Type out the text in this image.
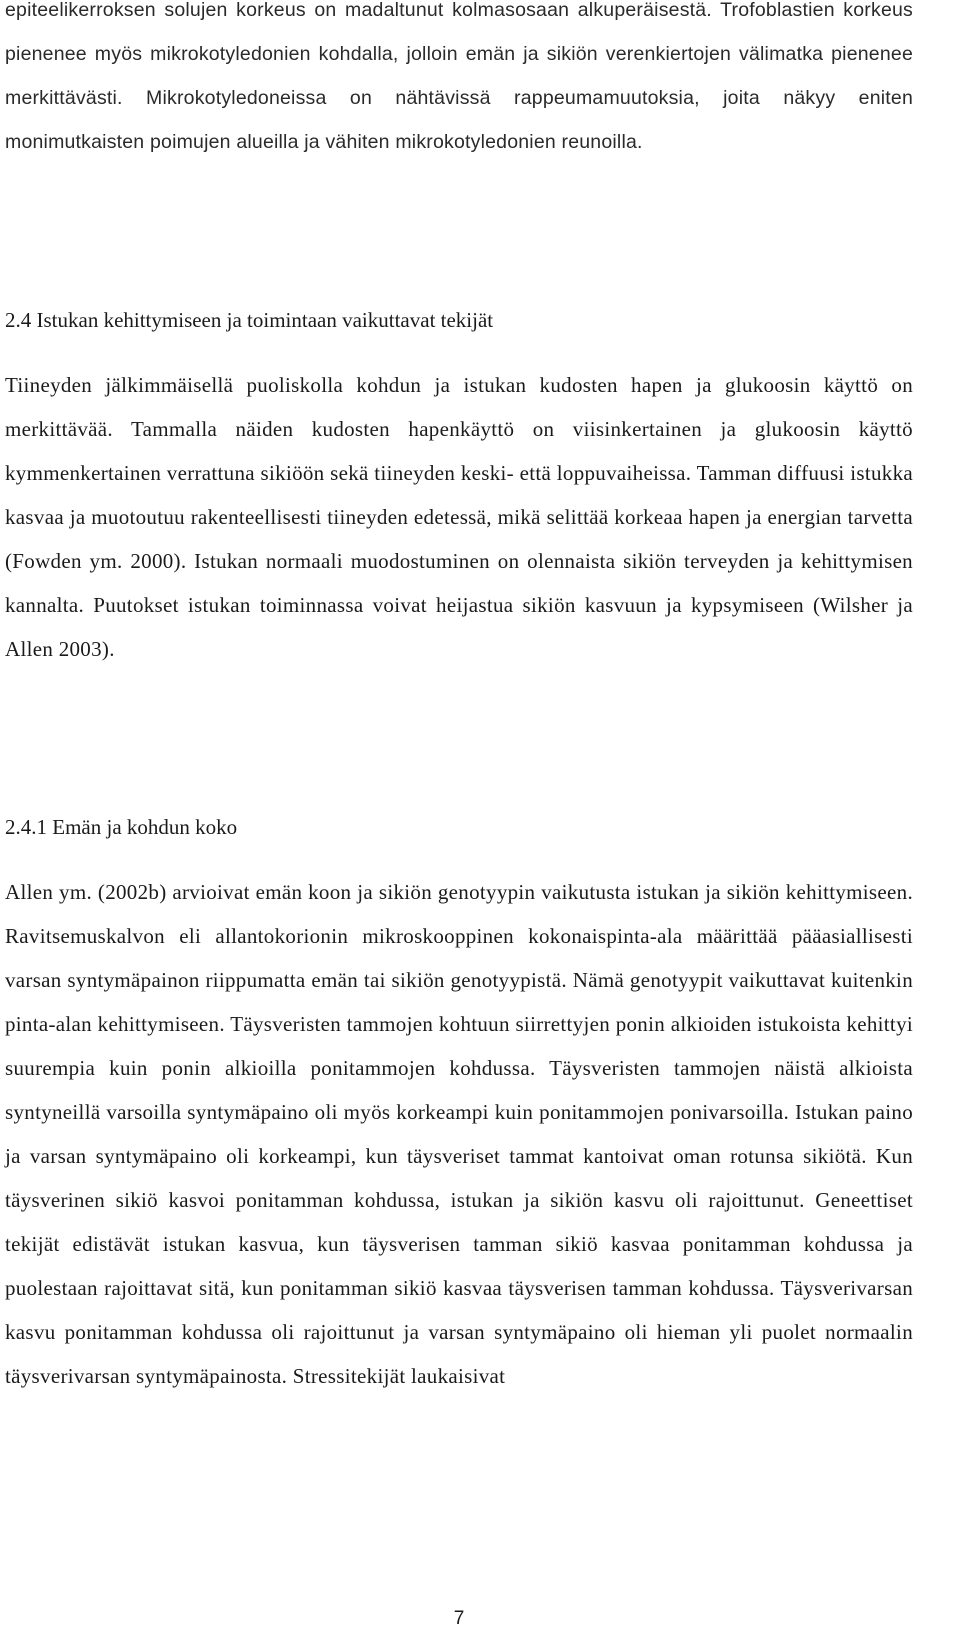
epiteelikerroksen solujen korkeus on madaltunut kolmasosaan alkuperäisestä. Trofoblastien korkeus pienenee myös mikrokotyledonien kohdalla, jolloin emän ja sikiön verenkiertojen välimatka pienenee merkittävästi. Mikrokotyledoneissa on nähtävissä rappeumamuutoksia, joita näkyy eniten monimutkaisten poimujen alueilla ja vähiten mikrokotyledonien reunoilla.

2.4 Istukan kehittymiseen ja toimintaan vaikuttavat tekijät

Tiineyden jälkimmäisellä puoliskolla kohdun ja istukan kudosten hapen ja glukoosin käyttö on merkittävää. Tammalla näiden kudosten hapenkäyttö on viisinkertainen ja glukoosin käyttö kymmenkertainen verrattuna sikiöön sekä tiineyden keski- että loppuvaiheissa. Tamman diffuusi istukka kasvaa ja muotoutuu rakenteellisesti tiineyden edetessä, mikä selittää korkeaa hapen ja energian tarvetta (Fowden ym. 2000). Istukan normaali muodostuminen on olennaista sikiön terveyden ja kehittymisen kannalta. Puutokset istukan toiminnassa voivat heijastua sikiön kasvuun ja kypsymiseen (Wilsher ja Allen 2003).

2.4.1 Emän ja kohdun koko

Allen ym. (2002b) arvioivat emän koon ja sikiön genotyypin vaikutusta istukan ja sikiön kehittymiseen. Ravitsemuskalvon eli allantokorionin mikroskooppinen kokonaispinta-ala määrittää pääasiallisesti varsan syntymäpainon riippumatta emän tai sikiön genotyypistä. Nämä genotyypit vaikuttavat kuitenkin pinta-alan kehittymiseen. Täysveristen tammojen kohtuun siirrettyjen ponin alkioiden istukoista kehittyi suurempia kuin ponin alkioilla ponitammojen kohdussa. Täysveristen tammojen näistä alkioista syntyneillä varsoilla syntymäpaino oli myös korkeampi kuin ponitammojen ponivarsoilla. Istukan paino ja varsan syntymäpaino oli korkeampi, kun täysveriset tammat kantoivat oman rotunsa sikiötä. Kun täysverinen sikiö kasvoi ponitamman kohdussa, istukan ja sikiön kasvu oli rajoittunut. Geneettiset tekijät edistävät istukan kasvua, kun täysverisen tamman sikiö kasvaa ponitamman kohdussa ja puolestaan rajoittavat sitä, kun ponitamman sikiö kasvaa täysverisen tamman kohdussa. Täysverivarsan kasvu ponitamman kohdussa oli rajoittunut ja varsan syntymäpaino oli hieman yli puolet normaalin täysverivarsan syntymäpainosta. Stressitekijät laukaisivat

7
